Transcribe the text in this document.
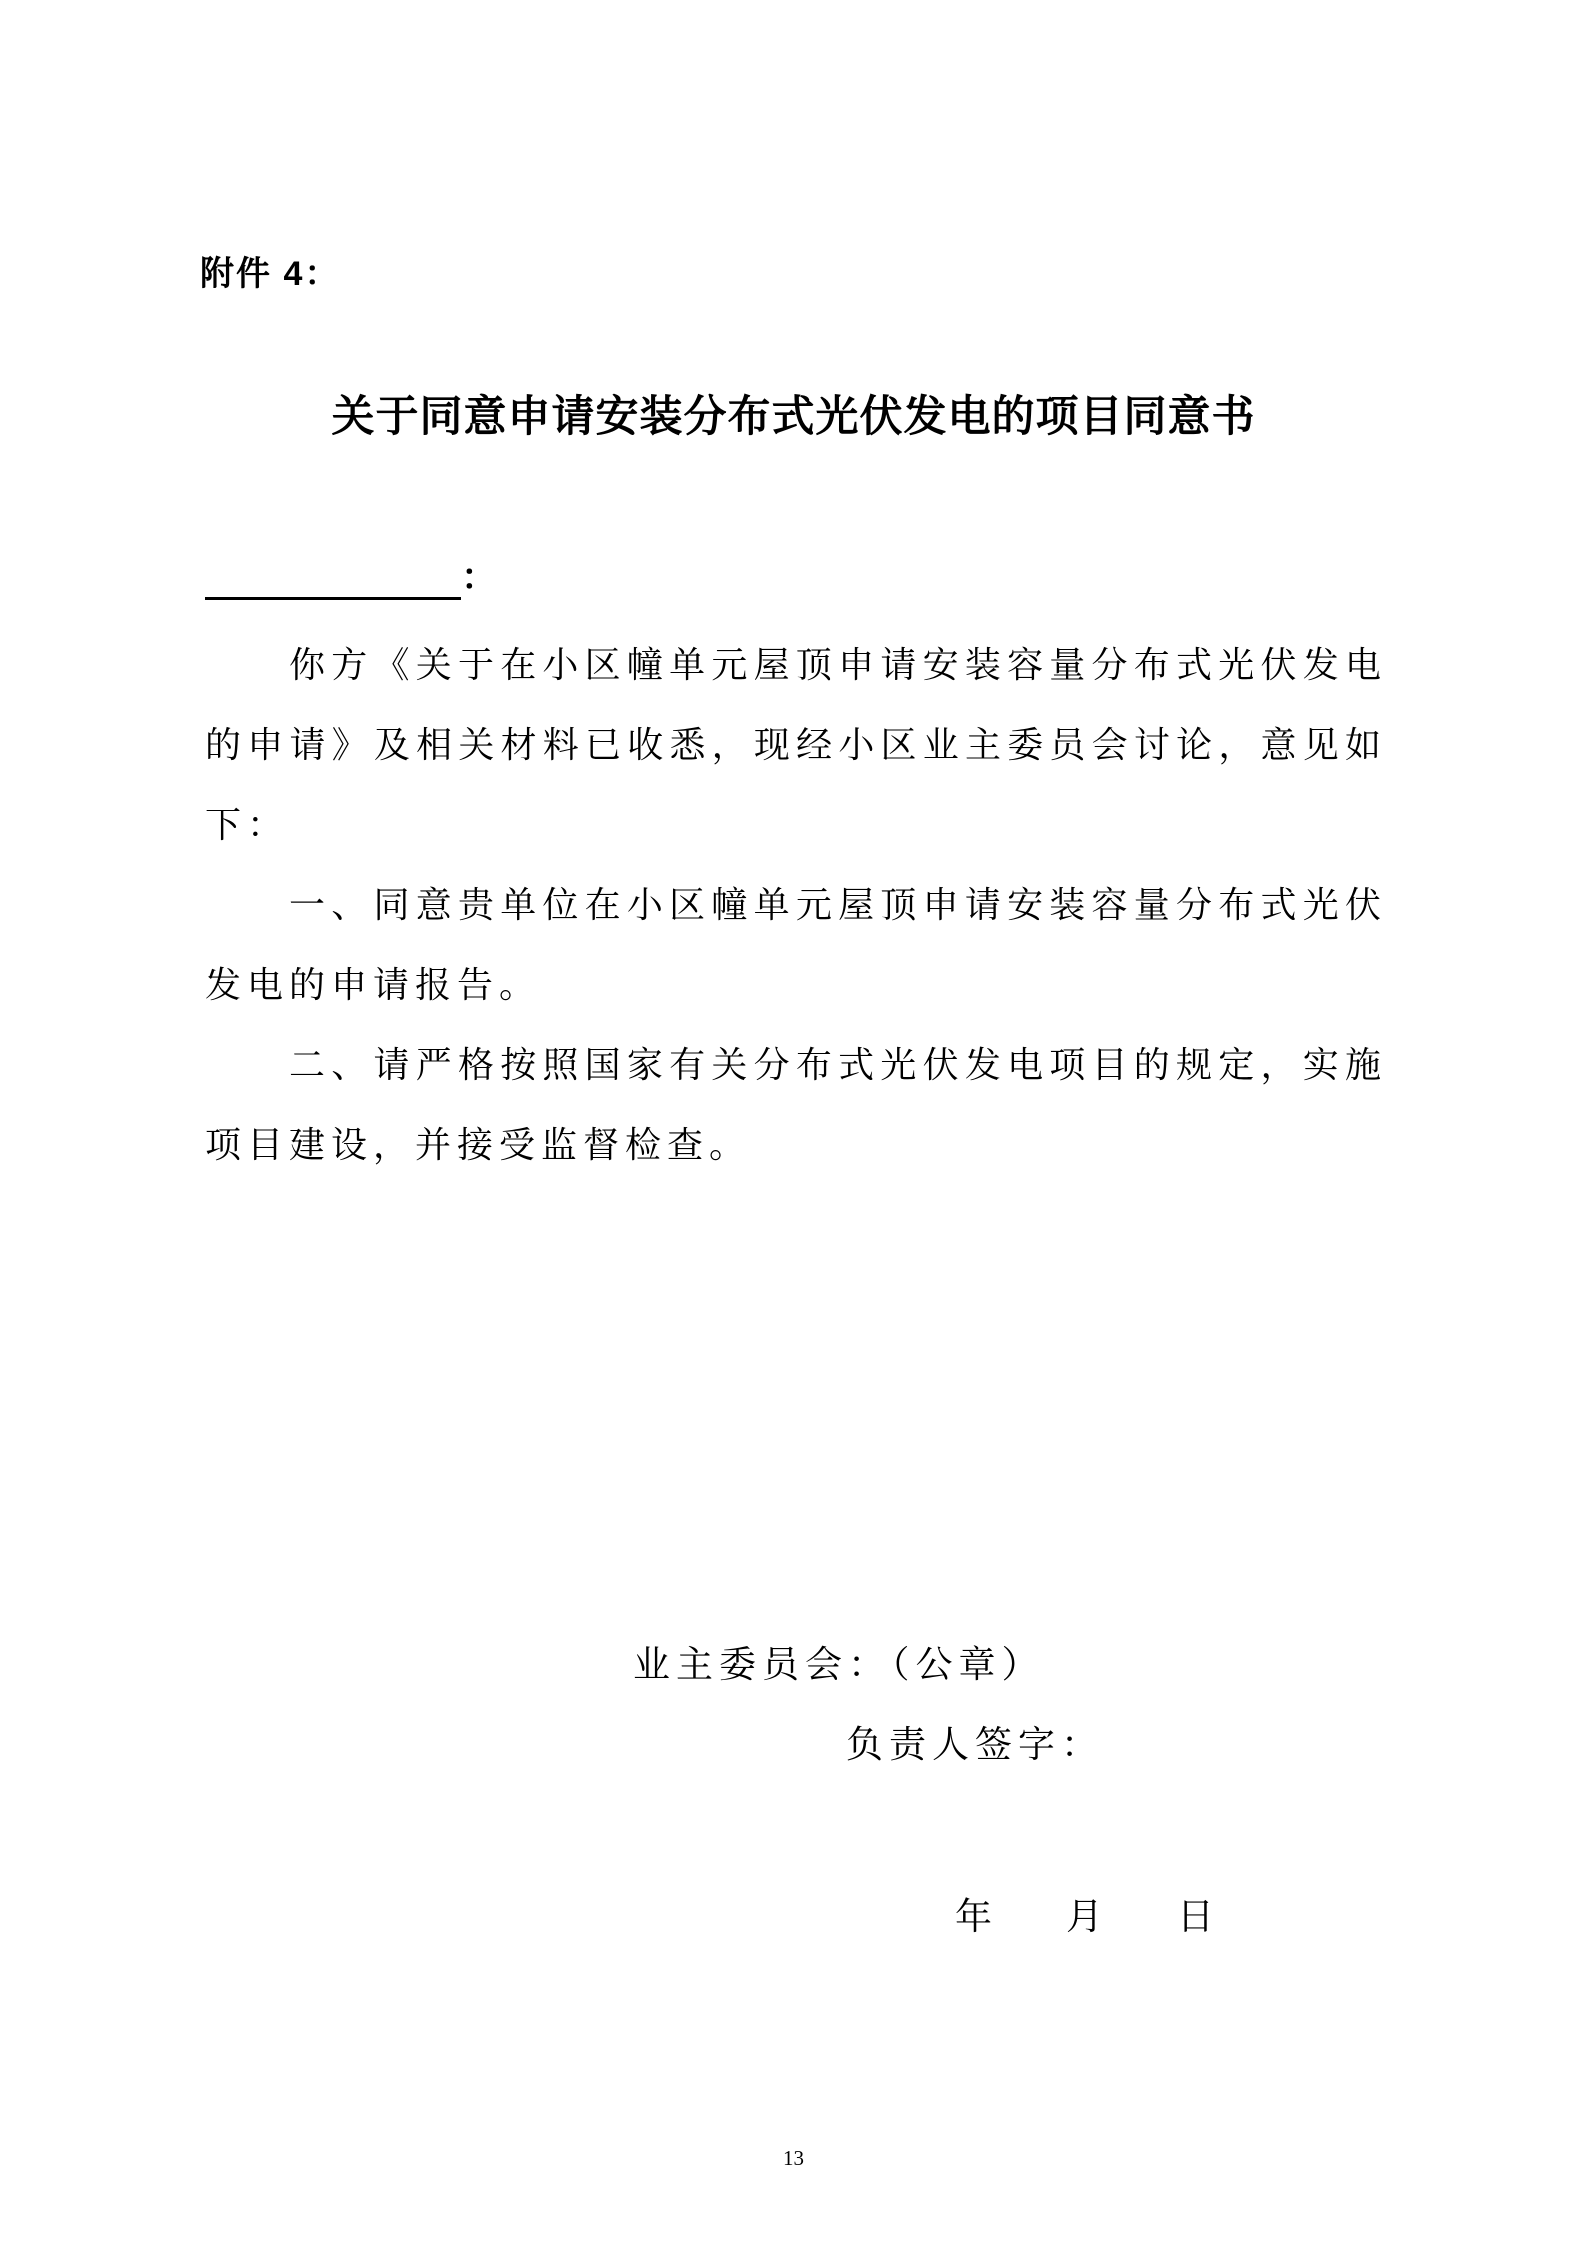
附件 4：
关于同意申请安装分布式光伏发电的项目同意书
：

你方《关于在小区幢单元屋顶申请安装容量分布式光伏发电的申请》及相关材料已收悉，现经小区业主委员会讨论，意见如下：

一、同意贵单位在小区幢单元屋顶申请安装容量分布式光伏发电的申请报告。

二、请严格按照国家有关分布式光伏发电项目的规定，实施项目建设，并接受监督检查。

业主委员会：（公章）
负责人签字：
年　　月　　日
13
